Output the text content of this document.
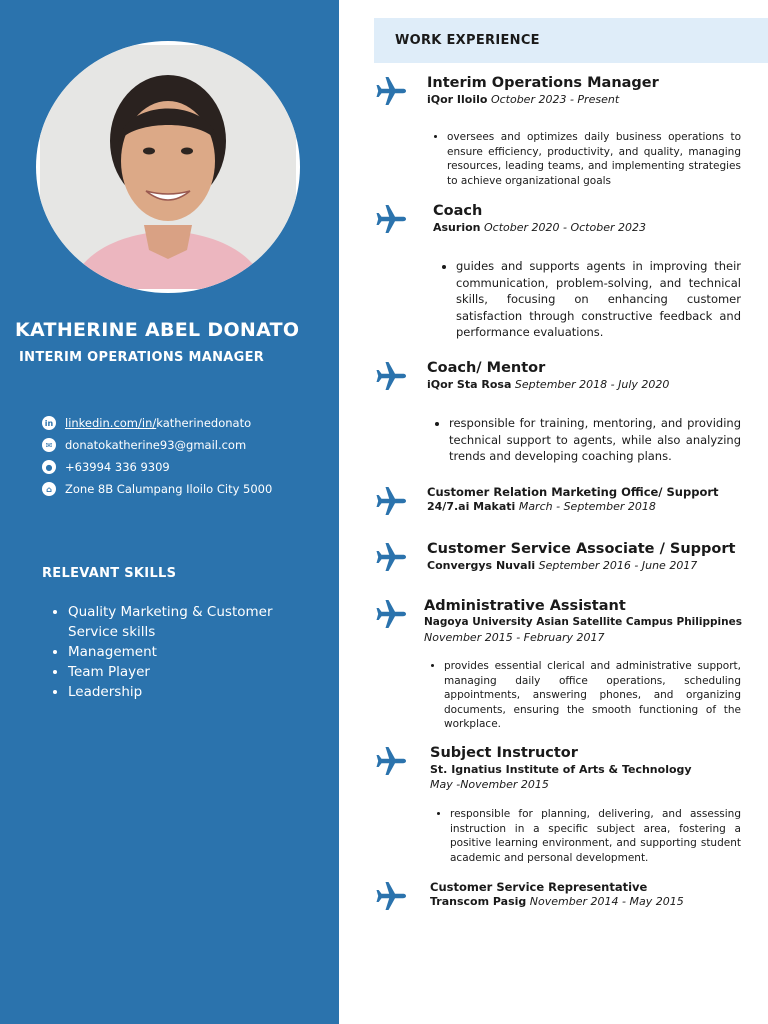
KATHERINE ABEL DONATO
INTERIM OPERATIONS MANAGER
in linkedin.com/in/ katherinedonato
✉	donatokatherine93@gmail.com
●	+63994 336 9309
⌂	Zone 8B Calumpang Iloilo City 5000
RELEVANT SKILLS
• Quality Marketing & Customer Service skills
• Management
• Team Player
• Leadership
WORK EXPERIENCE
Interim Operations Manager
iQor Iloilo October 2023 - Present
• oversees and optimizes daily business operations to ensure efficiency, productivity, and quality, managing resources, leading teams, and implementing strategies to achieve organizational goals
Coach
Asurion October 2020 - October 2023
• guides and supports agents in improving their communication, problem-solving, and technical skills, focusing on enhancing customer satisfaction through constructive feedback and performance evaluations.
Coach/ Mentor
iQor Sta Rosa September 2018 - July 2020
• responsible for training, mentoring, and providing technical support to agents, while also analyzing trends and developing coaching plans.
Customer Relation Marketing Office/ Support
24/7.ai Makati March - September 2018
Customer Service Associate / Support
Convergys Nuvali September 2016 - June 2017
Administrative Assistant
Nagoya University Asian Satellite Campus Philippines
November 2015 - February 2017
• provides essential clerical and administrative support, managing daily office operations, scheduling appointments, answering phones, and organizing documents, ensuring the smooth functioning of the workplace.
Subject Instructor
St. Ignatius Institute of Arts & Technology
May -November 2015
• responsible for planning, delivering, and assessing instruction in a specific subject area, fostering a positive learning environment, and supporting student academic and personal development.
Customer Service Representative
Transcom Pasig November 2014 - May 2015
